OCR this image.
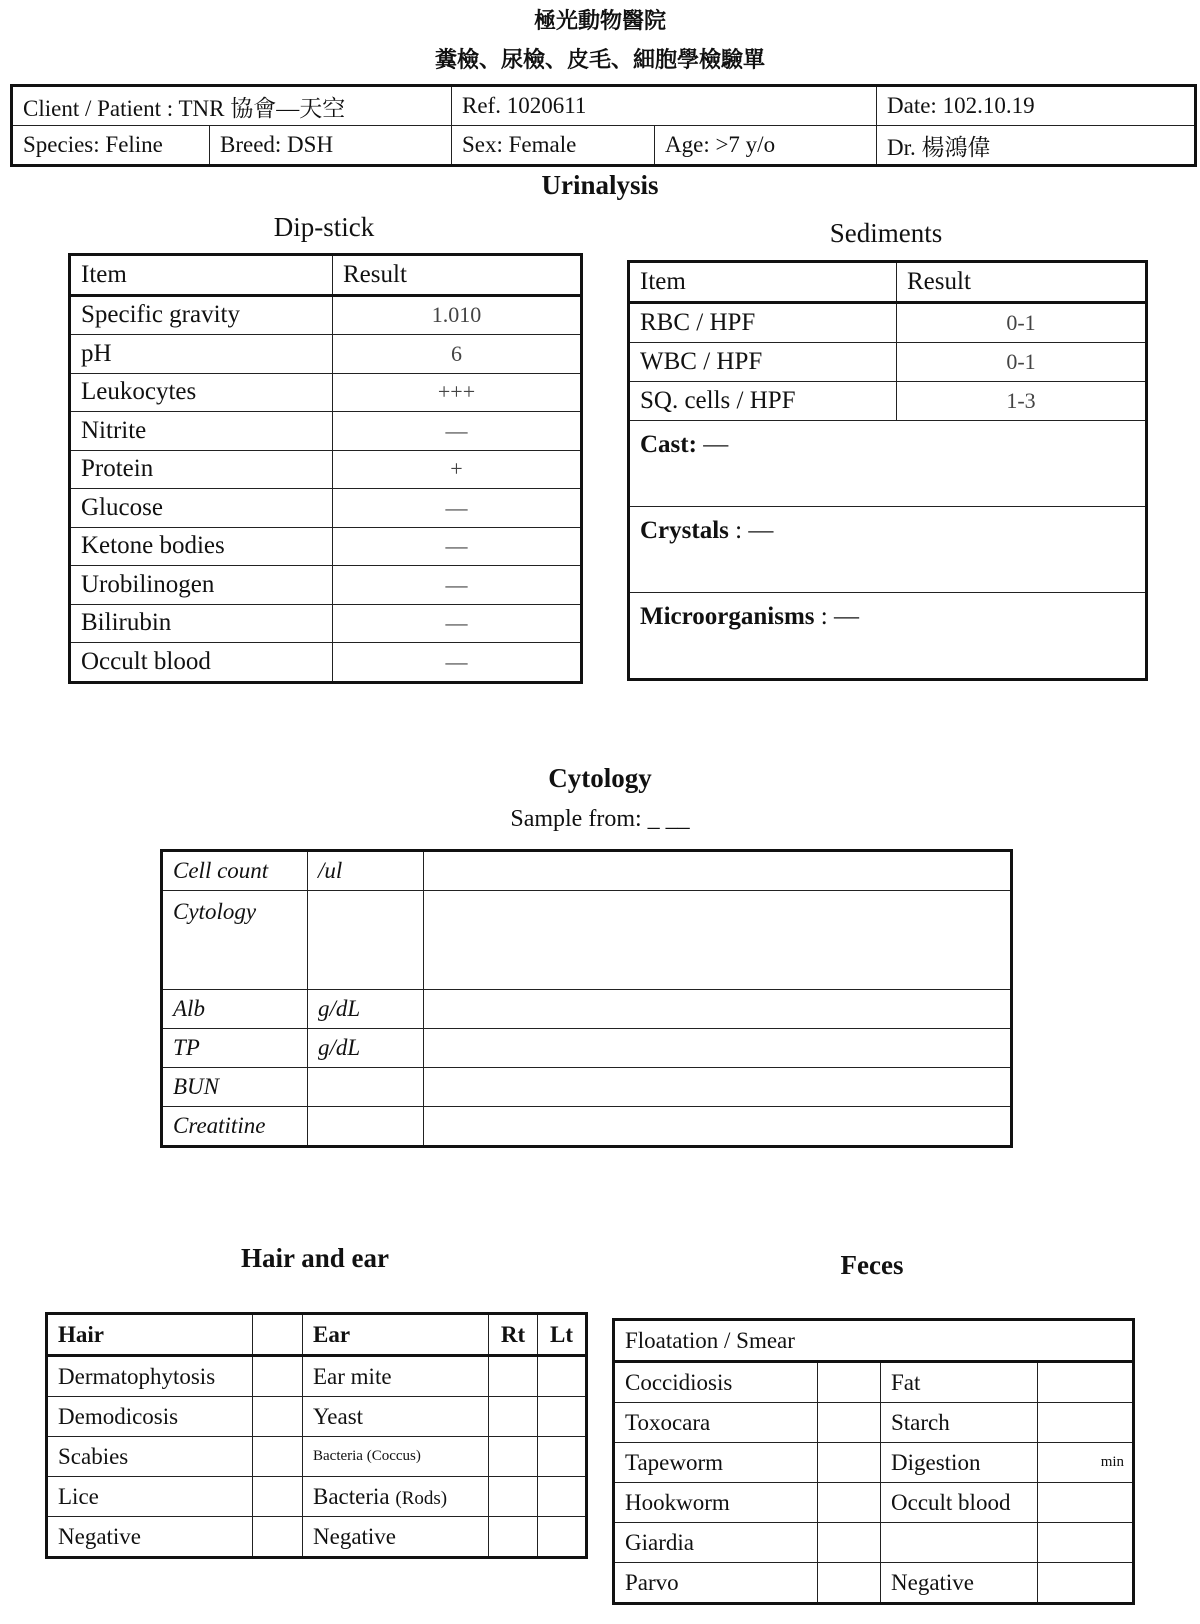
極光動物醫院
糞檢、尿檢、皮毛、細胞學檢驗單
Client / Patient : TNR 協會—天空		Ref. 1020611		Date: 102.10.19
Species: Feline	Breed: DSH	Sex: Female	Age: >7 y/o	Dr. 楊鴻偉
Urinalysis
Dip-stick	Sediments
Item	Result
Specific gravity	1.010
pH	6
Leukocytes	+++
Nitrite	—
Protein	+
Glucose	—
Ketone bodies	—
Urobilinogen	—
Bilirubin	—
Occult blood	—
Item	Result
RBC / HPF	0-1
WBC / HPF	0-1
SQ. cells / HPF	1-3
Cast: —	
Crystals : —	
Microorganisms : —	
Cytology
Sample from: _ __
Cell count	/ul	
Cytology		
Alb	g/dL	
TP	g/dL	
BUN		
Creatitine		
Hair and ear
Hair		Ear	Rt	Lt
Dermatophytosis		Ear mite		
Demodicosis		Yeast		
Scabies		Bacteria (Coccus)		
Lice		Bacteria (Rods)		
Negative		Negative		
Feces
Floatation / Smear			
Coccidiosis		Fat	
Toxocara		Starch	
Tapeworm		Digestion	min
Hookworm		Occult blood	
Giardia			
Parvo		Negative	
